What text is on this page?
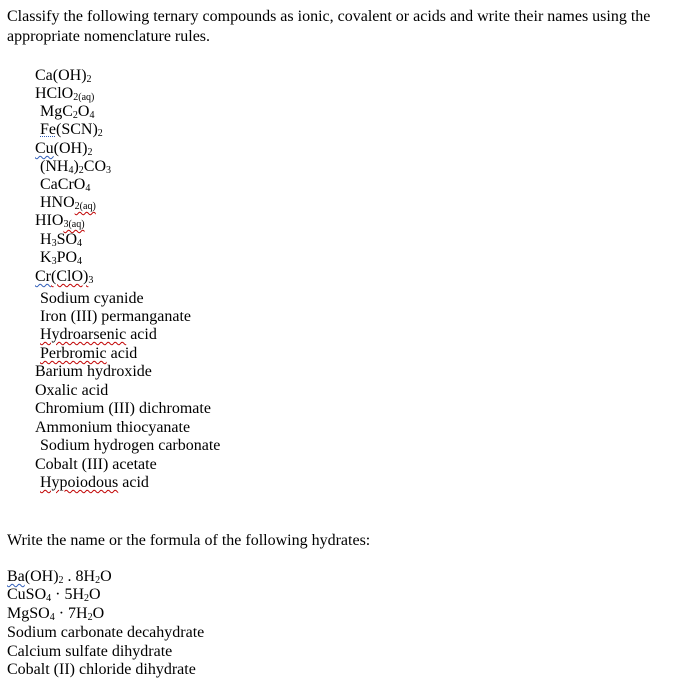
Classify the following ternary compounds as ionic, covalent or acids and write their names using the appropriate nomenclature rules.

$Ca(OH)_2$
HClO$_{2(aq)}$
$MgC_2O_4$
$Fe(SCN)_2$
$Cu(OH)_2$
$(NH_4)_2CO_3$
CaCrO$_4$
$HNO_{2(aq)}$
$HIO_{3(aq)}$
$H_3SO_4$
$K_3PO_4$
$Cr(ClO)_3$
Sodium cyanide
Iron (III) permanganate
Hydroarsenic acid
Perbromic acid
Barium hydroxide
Oxalic acid
Chromium (III) dichromate
Ammonium thiocyanate
Sodium hydrogen carbonate
Cobalt (III) acetate
Hypoiodous acid

Write the name or the formula of the following hydrates:

$Ba(OH)_2$ . $8H_2O$
CuSO$_4$ · $5H_2O$
MgSO$_4$ · $7H_2O$
Sodium carbonate decahydrate
Calcium sulfate dihydrate
Cobalt (II) chloride dihydrate
